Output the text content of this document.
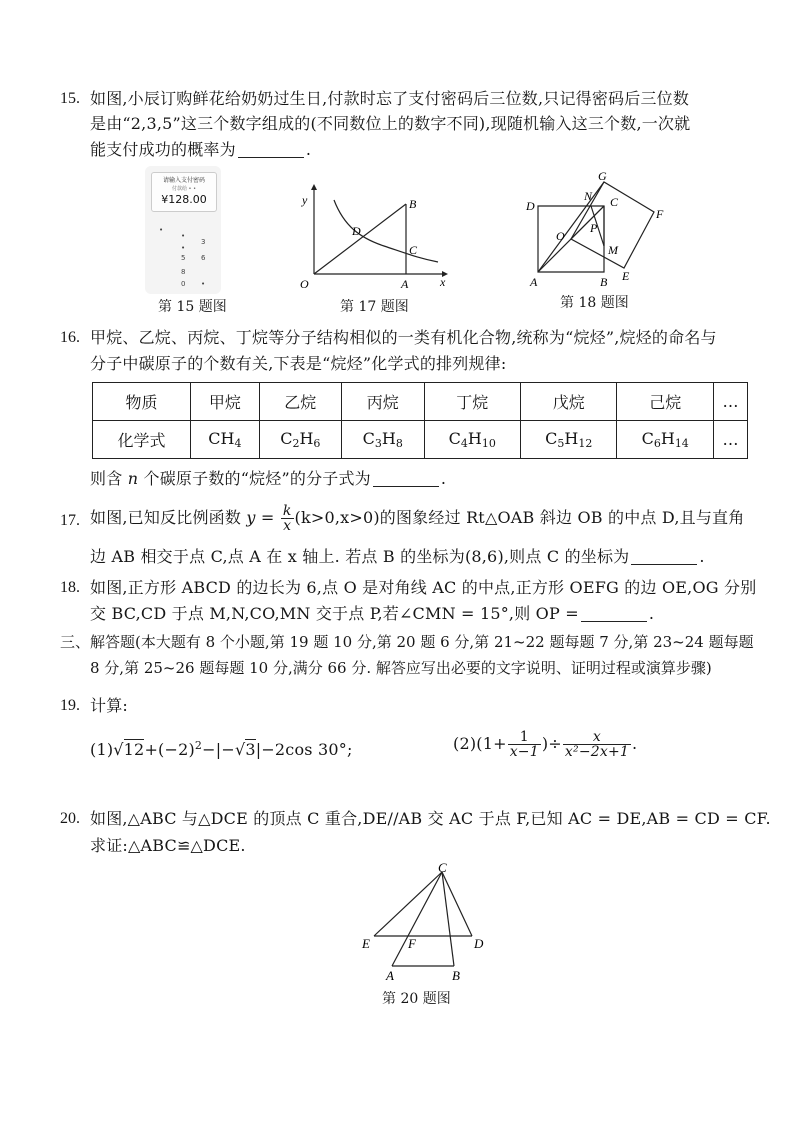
15. 如图,小辰订购鲜花给奶奶过生日,付款时忘了支付密码后三位数,只记得密码后三位数
是由“2,3,5”这三个数字组成的(不同数位上的数字不同),现随机输入这三个数,一次就
能支付成功的概率为	.
请输入支付密码
付款给 • •
¥128.00
•
•
3
•
5 6
8
0 •
第 15 题图
y
x
O	A
B
C
D
第 17 题图
D
A	B
G
C
N
O
P
M
F
E
第 18 题图
16. 甲烷、乙烷、丙烷、丁烷等分子结构相似的一类有机化合物,统称为“烷烃”,烷烃的命名与
分子中碳原子的个数有关,下表是“烷烃”化学式的排列规律:
物质	甲烷	乙烷	丙烷	丁烷	戊烷	己烷	…
化学式	CH4	C2H6	C3H8	C4H10	C5H12	C6H14	…
则含 n 个碳原子数的“烷烃”的分子式为	.
17. 如图,已知反比例函数 $y = \frac{k}{x} (k>0,x>0)$的图象经过 Rt△OAB 斜边 OB 的中点 D,且与直角
边 AB 相交于点 C,点 A 在 x 轴上. 若点 B 的坐标为(8,6),则点 C 的坐标为	.
18. 如图,正方形 ABCD 的边长为 6,点 O 是对角线 AC 的中点,正方形 OEFG 的边 OE,OG 分别
交 BC,CD 于点 M,N,CO,MN 交于点 P,若∠CMN = 15°,则 OP =	.
三、解答题(本大题有 8 个小题,第 19 题 10 分,第 20 题 6 分,第 21~22 题每题 7 分,第 23~24 题每题
8 分,第 25~26 题每题 10 分,满分 66 分. 解答应写出必要的文字说明、证明过程或演算步骤)
19. 计算:
$(1)√12+(-2)^2-|-√3|-2\cos$ 30°;	$(2)(1+ \frac{1}{x-1}$ )÷ $\frac{x}{\text{x²−2x+1}}$ .
20. 如图,△ABC 与△DCE 的顶点 C 重合,DE//AB 交 AC 于点 F,已知 AC = DE,AB = CD = CF.
求证:△ABC≌△DCE.
C
E	F	D
A	B
第 20 题图
